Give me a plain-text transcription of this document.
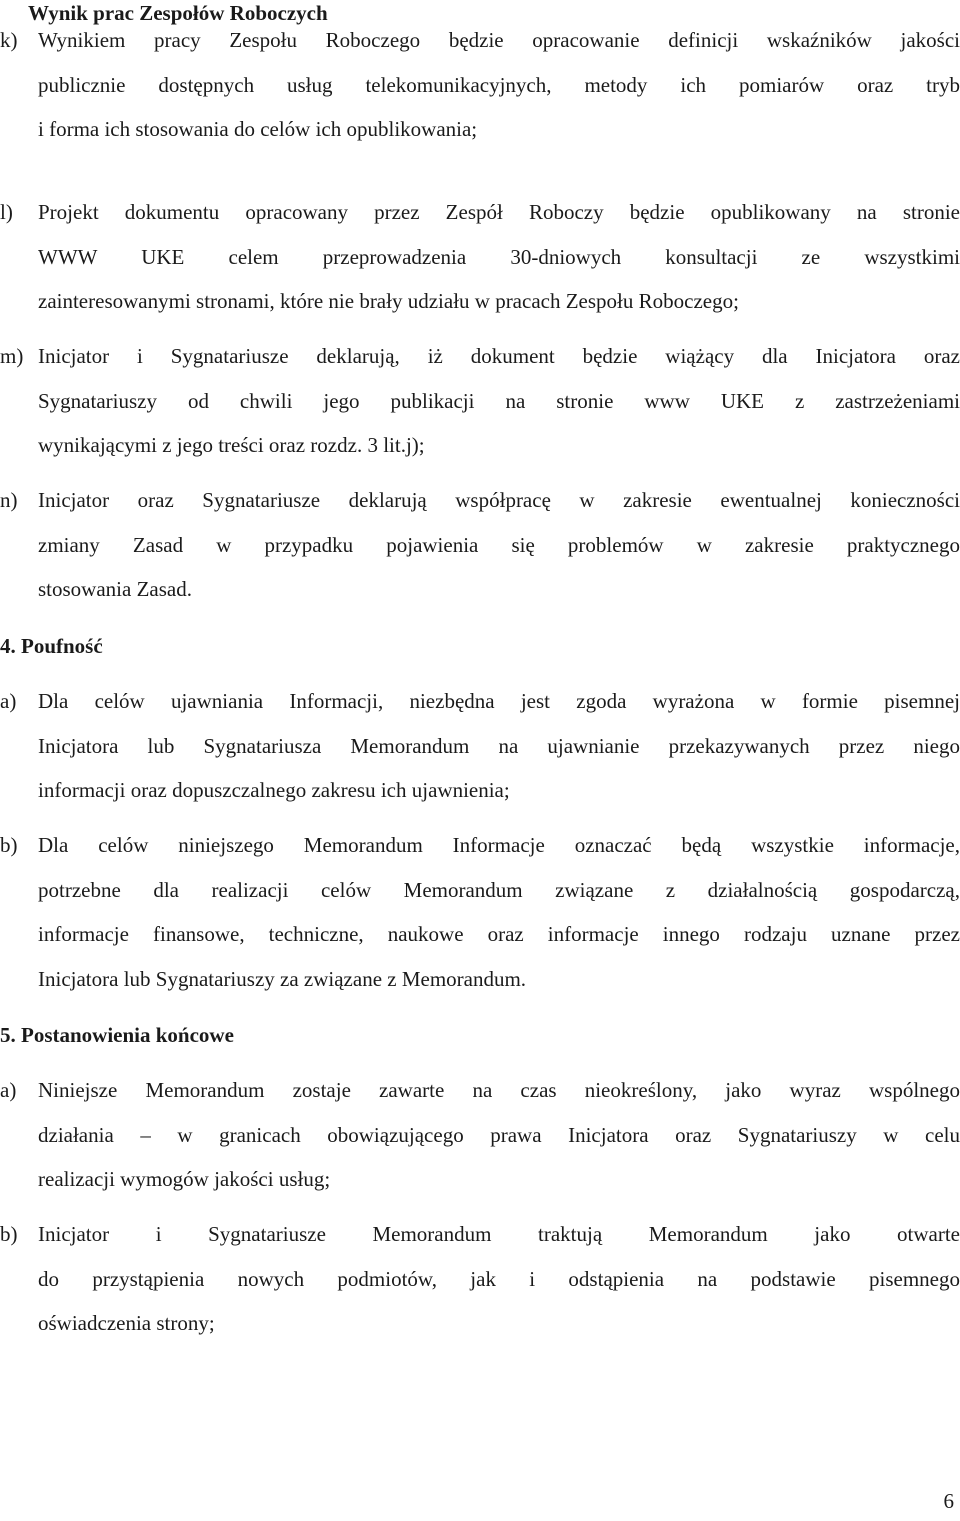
Wynik prac Zespołów Roboczych
k) Wynikiem pracy Zespołu Roboczego będzie opracowanie definicji wskaźników jakości
publicznie dostępnych usług telekomunikacyjnych, metody ich pomiarów oraz tryb
i forma ich stosowania do celów ich opublikowania;
l) Projekt dokumentu opracowany przez Zespół Roboczy będzie opublikowany na stronie
WWW UKE celem przeprowadzenia 30-dniowych konsultacji ze wszystkimi
zainteresowanymi stronami, które nie brały udziału w pracach Zespołu Roboczego;
m) Inicjator i Sygnatariusze deklarują, iż dokument będzie wiążący dla Inicjatora oraz
Sygnatariuszy od chwili jego publikacji na stronie www UKE z zastrzeżeniami
wynikającymi z jego treści oraz rozdz. 3 lit.j);
n) Inicjator oraz Sygnatariusze deklarują współpracę w zakresie ewentualnej konieczności
zmiany Zasad w przypadku pojawienia się problemów w zakresie praktycznego
stosowania Zasad.
4. Poufność
a) Dla celów ujawniania Informacji, niezbędna jest zgoda wyrażona w formie pisemnej
Inicjatora lub Sygnatariusza Memorandum na ujawnianie przekazywanych przez niego
informacji oraz dopuszczalnego zakresu ich ujawnienia;
b) Dla celów niniejszego Memorandum Informacje oznaczać będą wszystkie informacje,
potrzebne dla realizacji celów Memorandum związane z działalnością gospodarczą,
informacje finansowe, techniczne, naukowe oraz informacje innego rodzaju uznane przez
Inicjatora lub Sygnatariuszy za związane z Memorandum.
5. Postanowienia końcowe
a) Niniejsze Memorandum zostaje zawarte na czas nieokreślony, jako wyraz wspólnego
działania – w granicach obowiązującego prawa Inicjatora oraz Sygnatariuszy w celu
realizacji wymogów jakości usług;
b) Inicjator i Sygnatariusze Memorandum traktują Memorandum jako otwarte
do przystąpienia nowych podmiotów, jak i odstąpienia na podstawie pisemnego
oświadczenia strony;
6
